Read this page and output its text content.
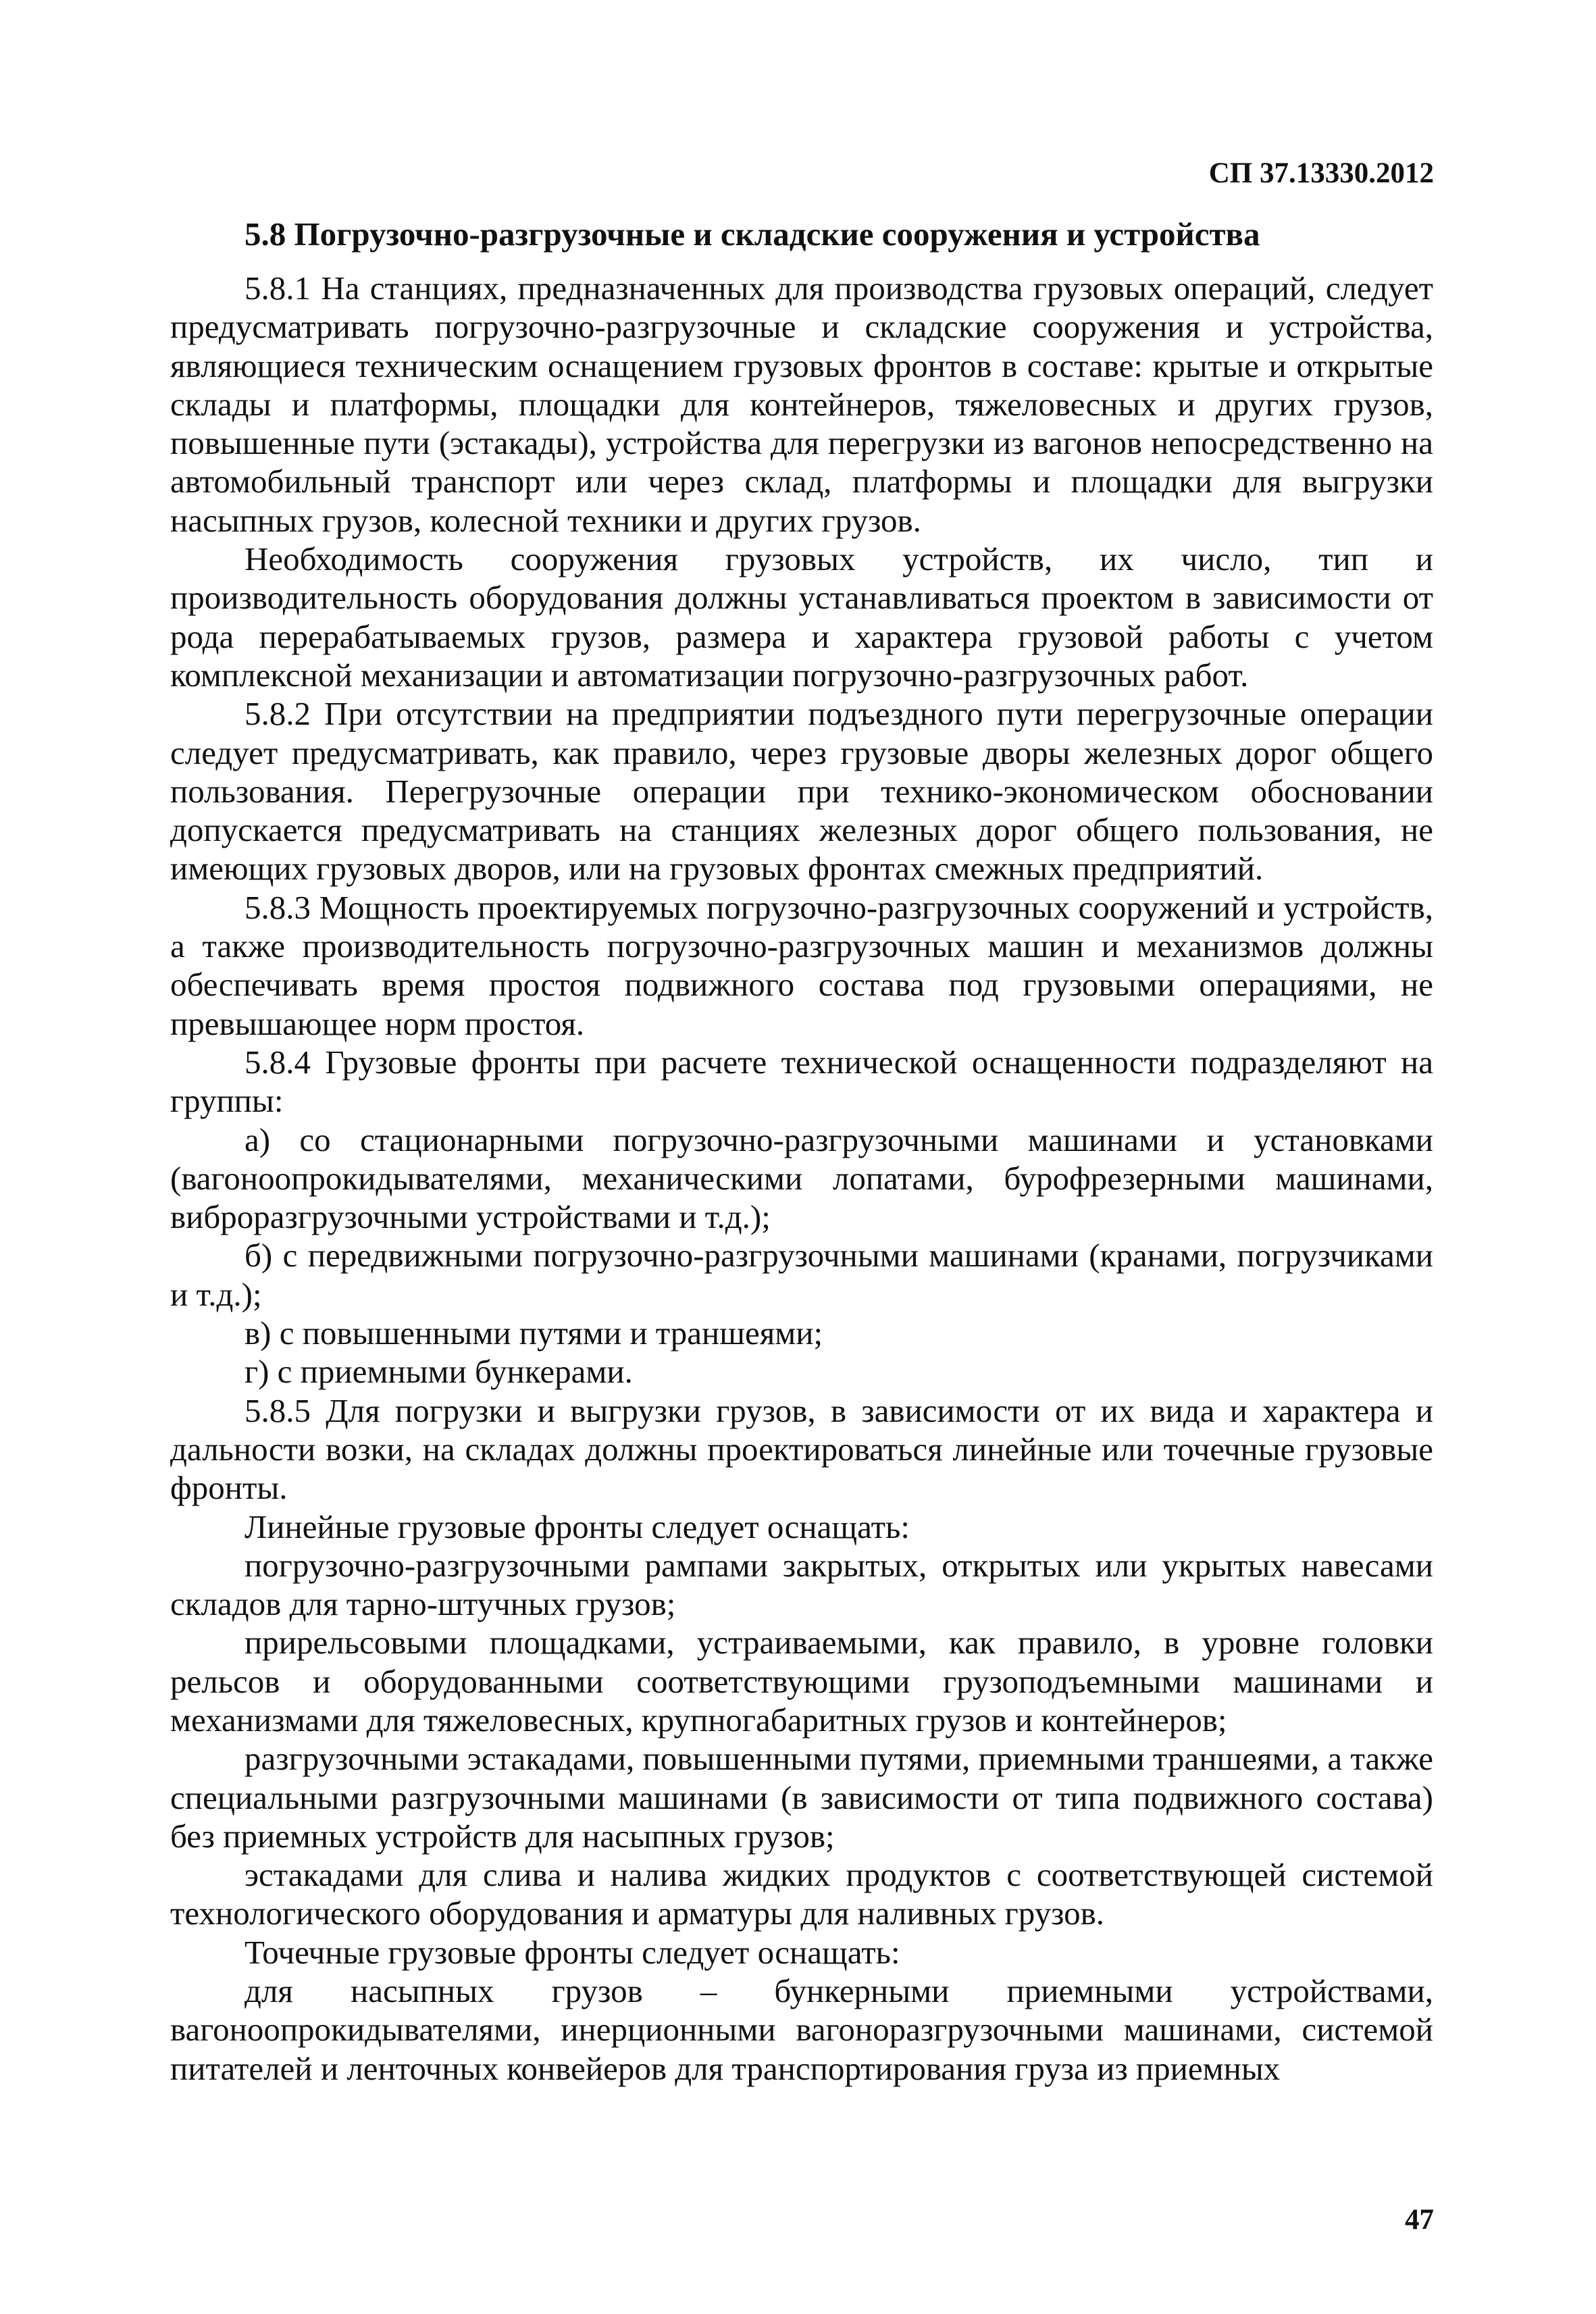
СП 37.13330.2012
5.8 Погрузочно-разгрузочные и складские сооружения и устройства

5.8.1 На станциях, предназначенных для производства грузовых операций, следует предусматривать погрузочно-разгрузочные и складские сооружения и устройства, являющиеся техническим оснащением грузовых фронтов в составе: крытые и открытые склады и платформы, площадки для контейнеров, тяжеловесных и других грузов, повышенные пути (эстакады), устройства для перегрузки из вагонов непосредственно на автомобильный транспорт или через склад, платформы и площадки для выгрузки насыпных грузов, колесной техники и других грузов.

Необходимость сооружения грузовых устройств, их число, тип и производительность оборудования должны устанавливаться проектом в зависимости от рода перерабатываемых грузов, размера и характера грузовой работы с учетом комплексной механизации и автоматизации погрузочно-разгрузочных работ.

5.8.2 При отсутствии на предприятии подъездного пути перегрузочные операции следует предусматривать, как правило, через грузовые дворы железных дорог общего пользования. Перегрузочные операции при технико-экономическом обосновании допускается предусматривать на станциях железных дорог общего пользования, не имеющих грузовых дворов, или на грузовых фронтах смежных предприятий.

5.8.3 Мощность проектируемых погрузочно-разгрузочных сооружений и устройств, а также производительность погрузочно-разгрузочных машин и механизмов должны обеспечивать время простоя подвижного состава под грузовыми операциями, не превышающее норм простоя.

5.8.4 Грузовые фронты при расчете технической оснащенности подразделяют на группы:

а) со стационарными погрузочно-разгрузочными машинами и установками (вагоноопрокидывателями, механическими лопатами, бурофрезерными машинами, виброразгрузочными устройствами и т.д.);

б) с передвижными погрузочно-разгрузочными машинами (кранами, погрузчиками и т.д.);

в) с повышенными путями и траншеями;

г) с приемными бункерами.

5.8.5 Для погрузки и выгрузки грузов, в зависимости от их вида и характера и дальности возки, на складах должны проектироваться линейные или точечные грузовые фронты.

Линейные грузовые фронты следует оснащать:

погрузочно-разгрузочными рампами закрытых, открытых или укрытых навесами складов для тарно-штучных грузов;

прирельсовыми площадками, устраиваемыми, как правило, в уровне головки рельсов и оборудованными соответствующими грузоподъемными машинами и механизмами для тяжеловесных, крупногабаритных грузов и контейнеров;

разгрузочными эстакадами, повышенными путями, приемными траншеями, а также специальными разгрузочными машинами (в зависимости от типа подвижного состава) без приемных устройств для насыпных грузов;

эстакадами для слива и налива жидких продуктов с соответствующей системой технологического оборудования и арматуры для наливных грузов.

Точечные грузовые фронты следует оснащать:

для насыпных грузов – бункерными приемными устройствами, вагоноопрокидывателями, инерционными вагоноразгрузочными машинами, системой питателей и ленточных конвейеров для транспортирования груза из приемных

47
